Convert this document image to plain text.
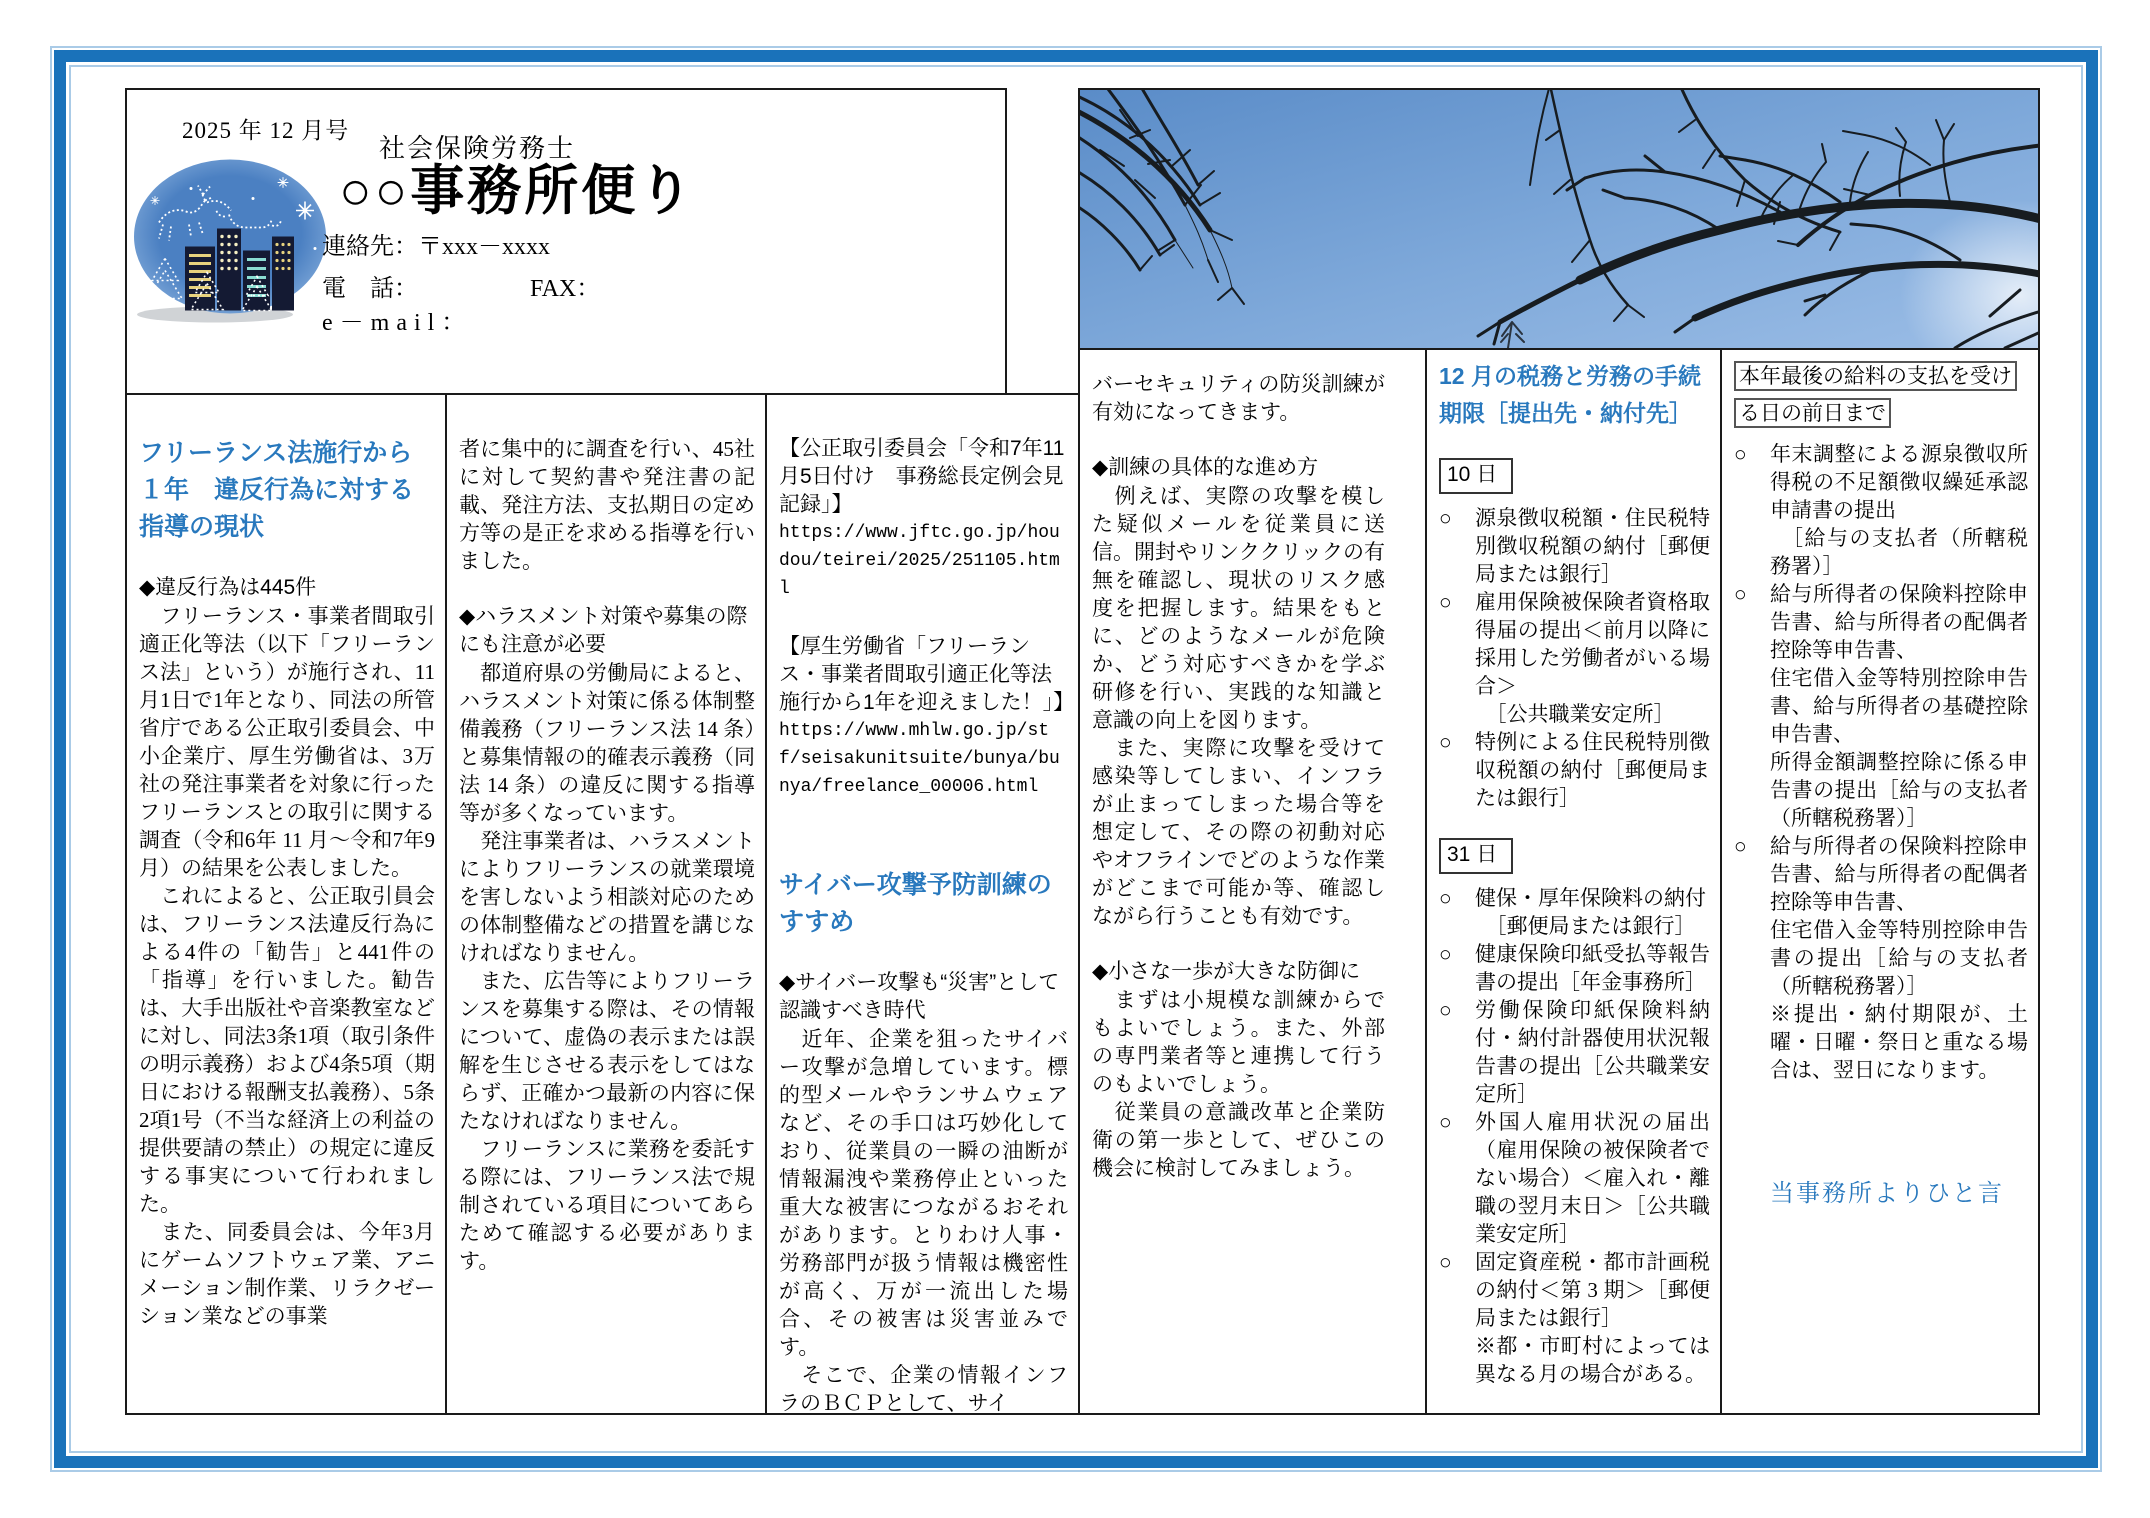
2025 年 12 月号
社会保険労務士
○○事務所便り
連絡先：〒xxx－xxxx
電　話：	FAX：
e－mail：
フリーランス法施行から
１年　違反行為に対する
指導の現状
◆違反行為は445件
　フリーランス・事業者間取引適正化等法（以下「フリーランス法」という）が施行され、11月1日で1年となり、同法の所管省庁である公正取引委員会、中小企業庁、厚生労働省は、3万社の発注事業者を対象に行ったフリーランスとの取引に関する調査（令和6年 11 月～令和7年9月）の結果を公表しました。
　これによると、公正取引員会は、フリーランス法違反行為による4件の「勧告」と441件の「指導」を行いました。勧告は、大手出版社や音楽教室などに対し、同法3条1項（取引条件の明示義務）および4条5項（期日における報酬支払義務）、5条2項1号（不当な経済上の利益の提供要請の禁止）の規定に違反する事実について行われました。
　また、同委員会は、今年3月にゲームソフトウェア業、アニメーション制作業、リラクゼーション業などの事業
者に集中的に調査を行い、45社に対して契約書や発注書の記載、発注方法、支払期日の定め方等の是正を求める指導を行いました。
◆ハラスメント対策や募集の際にも注意が必要
　都道府県の労働局によると、ハラスメント対策に係る体制整備義務（フリーランス法 14 条）と募集情報の的確表示義務（同法 14 条）の違反に関する指導等が多くなっています。
　発注事業者は、ハラスメントによりフリーランスの就業環境を害しないよう相談対応のための体制整備などの措置を講じなければなりません。
　また、広告等によりフリーランスを募集する際は、その情報について、虚偽の表示または誤解を生じさせる表示をしてはならず、正確かつ最新の内容に保たなければなりません。
　フリーランスに業務を委託する際には、フリーランス法で規制されている項目についてあらためて確認する必要があります。
【公正取引委員会「令和7年11月5日付け　事務総長定例会見記録」】
https://www.jftc.go.jp/houdou/teirei/2025/251105.html
【厚生労働省「フリーランス・事業者間取引適正化等法施行から1年を迎えました！」】
https://www.mhlw.go.jp/stf/seisakunitsuite/bunya/bunya/freelance_00006.html
サイバー攻撃予防訓練の
すすめ
◆サイバー攻撃も“災害”として認識すべき時代
　近年、企業を狙ったサイバー攻撃が急増しています。標的型メールやランサムウェアなど、その手口は巧妙化しており、従業員の一瞬の油断が情報漏洩や業務停止といった重大な被害につながるおそれがあります。とりわけ人事・労務部門が扱う情報は機密性が高く、万が一流出した場合、その被害は災害並みです。
　そこで、企業の情報インフラのＢＣＰとして、サイ
バーセキュリティの防災訓練が有効になってきます。
◆訓練の具体的な進め方
　例えば、実際の攻撃を模した疑似メールを従業員に送信。開封やリンククリックの有無を確認し、現状のリスク感度を把握します。結果をもとに、どのようなメールが危険か、どう対応すべきかを学ぶ研修を行い、実践的な知識と意識の向上を図ります。
　また、実際に攻撃を受けて感染等してしまい、インフラが止まってしまった場合等を想定して、その際の初動対応やオフラインでどのような作業がどこまで可能か等、確認しながら行うことも有効です。
◆小さな一歩が大きな防御に
　まずは小規模な訓練からでもよいでしょう。また、外部の専門業者等と連携して行うのもよいでしょう。
　従業員の意識改革と企業防衛の第一歩として、ぜひこの機会に検討してみましょう。
12 月の税務と労務の手続
期限［提出先・納付先］
10 日
○	源泉徴収税額・住民税特別徴収税額の納付［郵便局または銀行］
○	雇用保険被保険者資格取得届の提出＜前月以降に採用した労働者がいる場合＞
　［公共職業安定所］
○	特例による住民税特別徴収税額の納付［郵便局または銀行］
31 日
○	健保・厚年保険料の納付
　［郵便局または銀行］
○	健康保険印紙受払等報告書の提出［年金事務所］
○	労働保険印紙保険料納付・納付計器使用状況報告書の提出［公共職業安定所］
○	外国人雇用状況の届出（雇用保険の被保険者でない場合）＜雇入れ・離職の翌月末日＞［公共職業安定所］
○	固定資産税・都市計画税の納付＜第 3 期＞［郵便局または銀行］
※都・市町村によっては異なる月の場合がある。
本年最後の給料の支払を受ける日の前日まで
○	年末調整による源泉徴収所得税の不足額徴収繰延承認申請書の提出
　［給与の支払者（所轄税務署）］
○	給与所得者の保険料控除申告書、給与所得者の配偶者控除等申告書、
住宅借入金等特別控除申告書、給与所得者の基礎控除申告書、
所得金額調整控除に係る申告書の提出［給与の支払者（所轄税務署）］
○	給与所得者の保険料控除申告書、給与所得者の配偶者控除等申告書、
住宅借入金等特別控除申告書の提出［給与の支払者（所轄税務署）］
※提出・納付期限が、土曜・日曜・祭日と重なる場合は、翌日になります。
当事務所よりひと言
